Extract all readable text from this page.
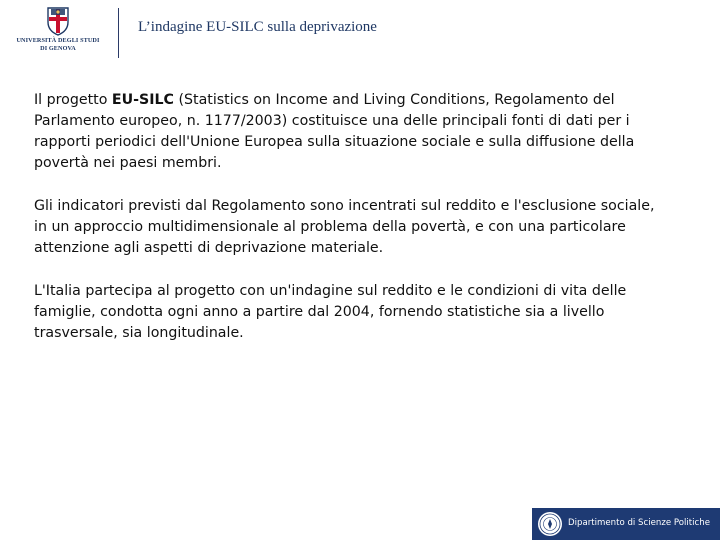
UNIVERSITÀ DEGLI STUDI
DI GENOVA
L’indagine EU-SILC sulla deprivazione

Il progetto EU-SILC (Statistics on Income and Living Conditions, Regolamento del Parlamento europeo, n. 1177/2003) costituisce una delle principali fonti di dati per i rapporti periodici dell'Unione Europea sulla situazione sociale e sulla diffusione della povertà nei paesi membri.

Gli indicatori previsti dal Regolamento sono incentrati sul reddito e l'esclusione sociale, in un approccio multidimensionale al problema della povertà, e con una particolare attenzione agli aspetti di deprivazione materiale.

L'Italia partecipa al progetto con un'indagine sul reddito e le condizioni di vita delle famiglie, condotta ogni anno a partire dal 2004, fornendo statistiche sia a livello trasversale, sia longitudinale.

Dipartimento di Scienze Politiche
